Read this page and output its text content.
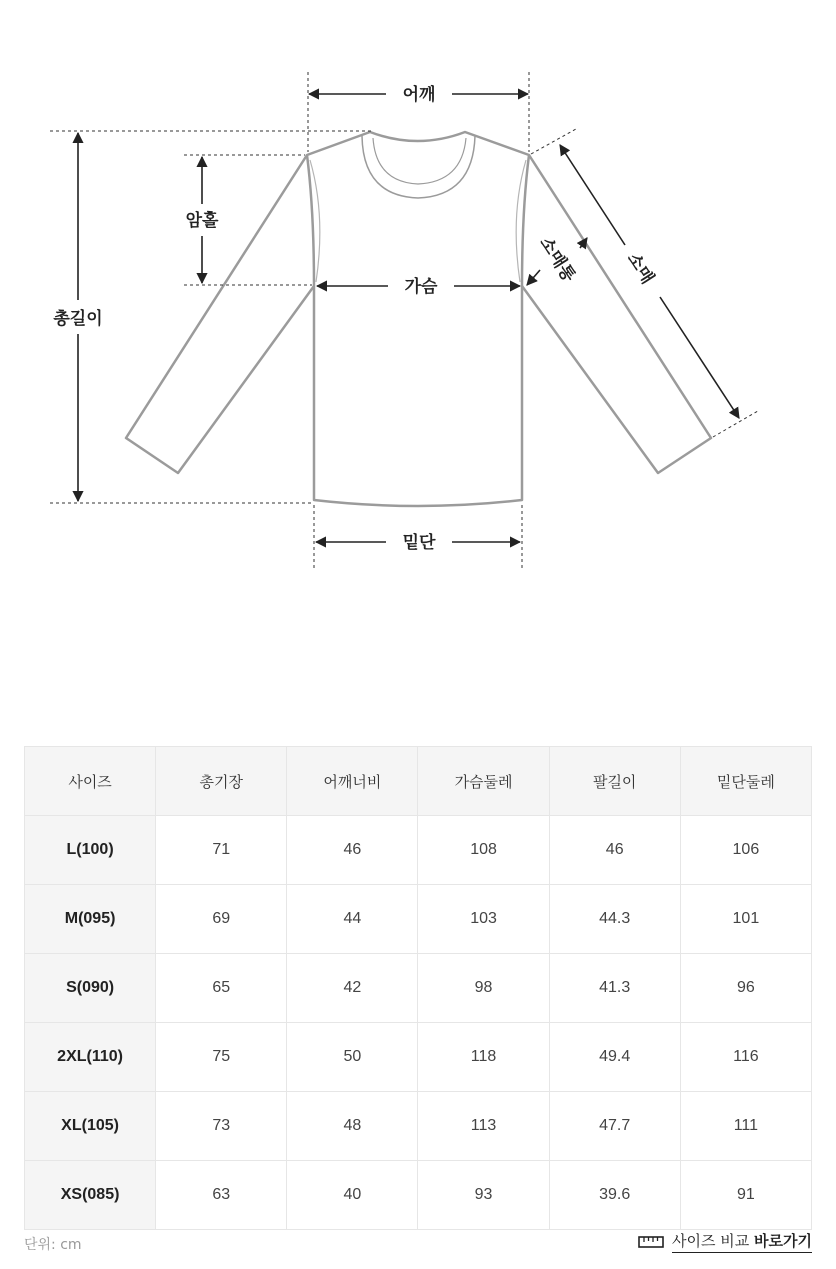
어깨
총길이
암홀
가슴
밑단
소매
소매통
사이즈	총기장	어깨너비	가슴둘레	팔길이	밑단둘레
L(100)	71	46	108	46	106
M(095)	69	44	103	44.3	101
S(090)	65	42	98	41.3	96
2XL(110)	75	50	118	49.4	116
XL(105)	73	48	113	47.7	111
XS(085)	63	40	93	39.6	91
단위: cm	사이즈 비교 바로가기
